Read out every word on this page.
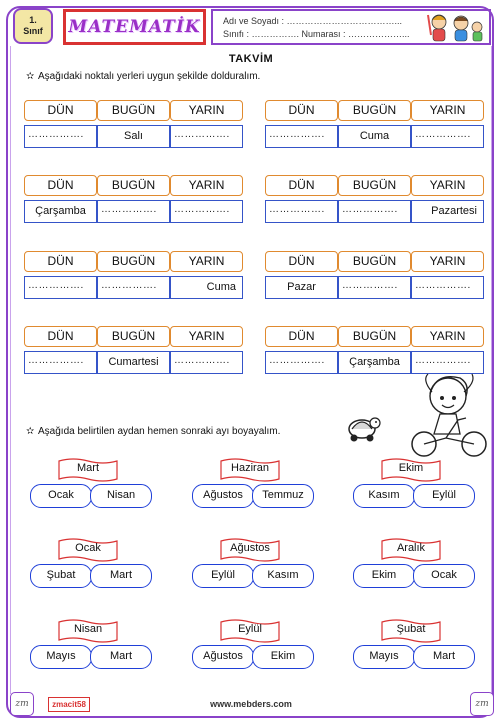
1.
Sınıf	MATEMATİK	Adı ve Soyadı : ………………………………...
Sınıfı : ……………. Numarası : ………………...
TAKVİM
✫ Aşağıdaki noktalı yerleri uygun şekilde dolduralım.
DÜN	BUGÜN	YARIN
…………….	Salı	…………….
DÜN	BUGÜN	YARIN
…………….	Cuma	…………….
DÜN	BUGÜN	YARIN
Çarşamba	…………….	…………….
DÜN	BUGÜN	YARIN
…………….	…………….	Pazartesi
DÜN	BUGÜN	YARIN
…………….	…………….	Cuma
DÜN	BUGÜN	YARIN
Pazar	…………….	…………….
DÜN	BUGÜN	YARIN
…………….	Cumartesi	…………….
DÜN	BUGÜN	YARIN
…………….	Çarşamba	…………….
✫ Aşağıda belirtilen aydan hemen sonraki ayı boyayalım.
Mart
Ocak	Nisan
Haziran
Ağustos	Temmuz
Ekim
Kasım	Eylül
Ocak
Şubat	Mart
Ağustos
Eylül	Kasım
Aralık
Ekim	Ocak
Nisan
Mayıs	Mart
Eylül
Ağustos	Ekim
Şubat
Mayıs	Mart
zm	zm
zmacit58	www.mebders.com
